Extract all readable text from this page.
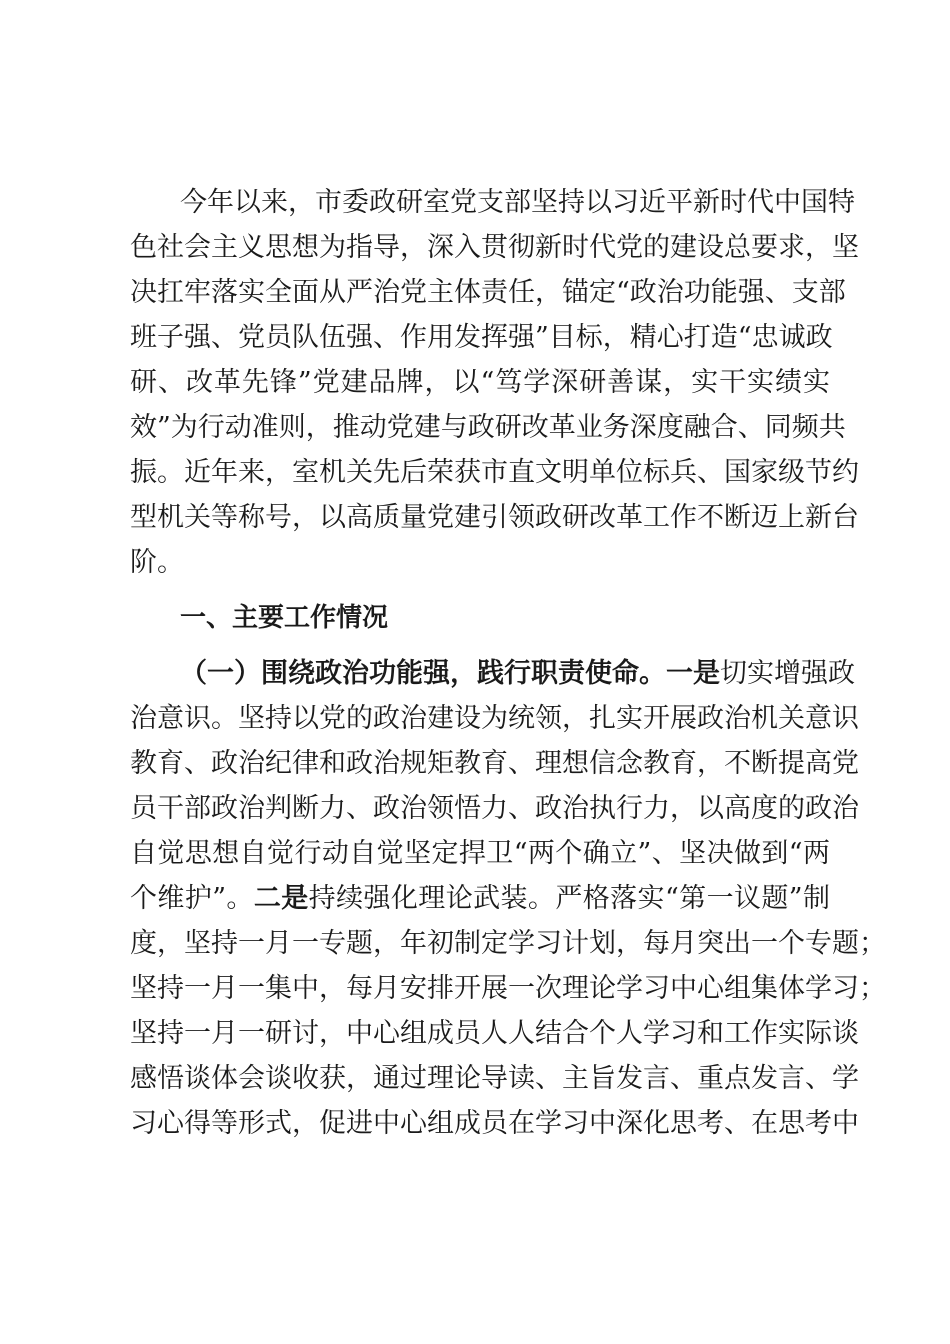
今年以来，市委政研室党支部坚持以习近平新时代中国特
色社会主义思想为指导，深入贯彻新时代党的建设总要求，坚
决扛牢落实全面从严治党主体责任，锚定“政治功能强、支部
班子强、党员队伍强、作用发挥强”目标，精心打造“忠诚政
研、改革先锋”党建品牌，以“笃学深研善谋，实干实绩实
效”为行动准则，推动党建与政研改革业务深度融合、同频共
振。近年来，室机关先后荣获市直文明单位标兵、国家级节约
型机关等称号，以高质量党建引领政研改革工作不断迈上新台
阶。
一、主要工作情况
（一）围绕政治功能强，践行职责使命。一是切实增强政
治意识。坚持以党的政治建设为统领，扎实开展政治机关意识
教育、政治纪律和政治规矩教育、理想信念教育，不断提高党
员干部政治判断力、政治领悟力、政治执行力，以高度的政治
自觉思想自觉行动自觉坚定捍卫“两个确立”、坚决做到“两
个维护”。二是持续强化理论武装。严格落实“第一议题”制
度，坚持一月一专题，年初制定学习计划，每月突出一个专题；
坚持一月一集中，每月安排开展一次理论学习中心组集体学习；
坚持一月一研讨，中心组成员人人结合个人学习和工作实际谈
感悟谈体会谈收获，通过理论导读、主旨发言、重点发言、学
习心得等形式，促进中心组成员在学习中深化思考、在思考中
